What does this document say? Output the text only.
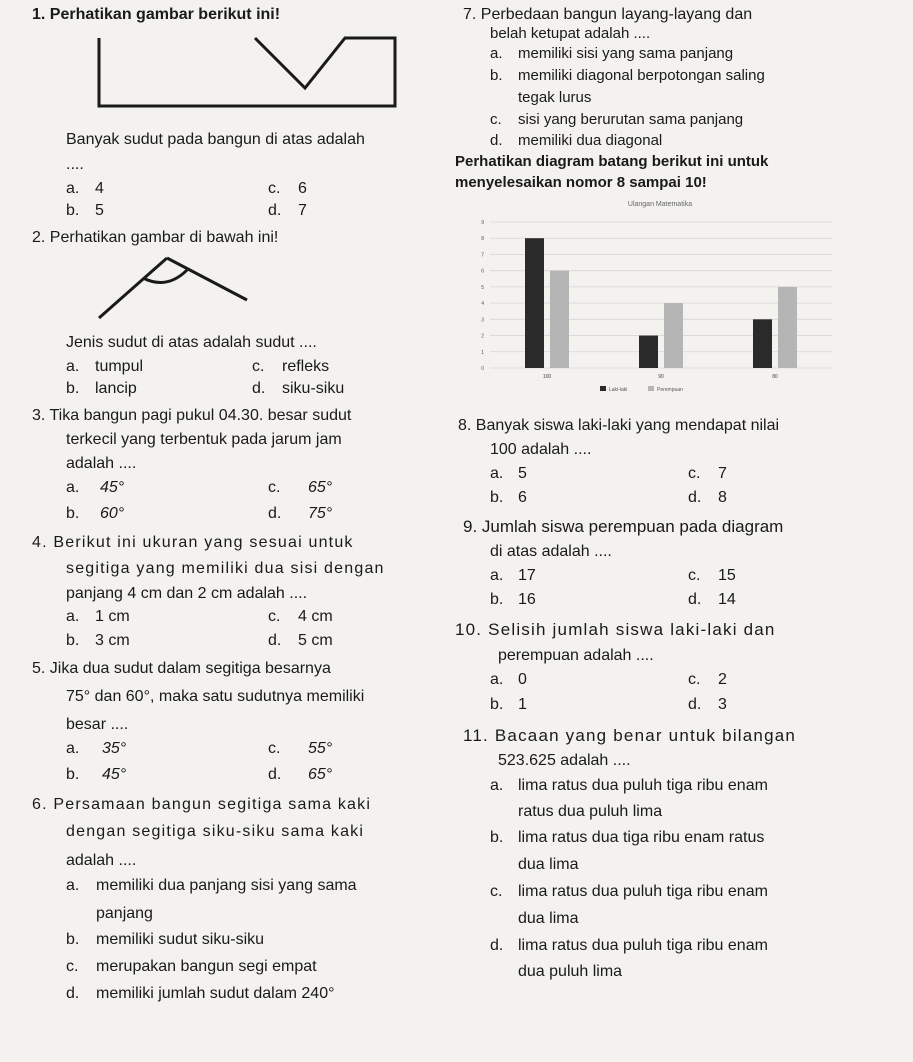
1. Perhatikan gambar berikut ini!
Banyak sudut pada bangun di atas adalah
....
a. 4	c. 6
b. 5	d. 7
2. Perhatikan gambar di bawah ini!
Jenis sudut di atas adalah sudut ....
a. tumpul	c. refleks
b. lancip	d. siku-siku
3. Tika bangun pagi pukul 04.30. besar sudut
terkecil yang terbentuk pada jarum jam
adalah ....
a. 45°	c. 65°
b. 60°	d. 75°
4. Berikut ini ukuran yang sesuai untuk
segitiga yang memiliki dua sisi dengan
panjang 4 cm dan 2 cm adalah ....
a. 1 cm	c. 4 cm
b. 3 cm	d. 5 cm
5. Jika dua sudut dalam segitiga besarnya
75° dan 60°, maka satu sudutnya memiliki
besar ....
a. 35°	c. 55°
b. 45°	d. 65°
6. Persamaan bangun segitiga sama kaki
dengan segitiga siku-siku sama kaki
adalah ....
a. memiliki dua panjang sisi yang sama
panjang
b. memiliki sudut siku-siku
c. merupakan bangun segi empat
d. memiliki jumlah sudut dalam 240°
7. Perbedaan bangun layang-layang dan
belah ketupat adalah ....
a. memiliki sisi yang sama panjang
b. memiliki diagonal berpotongan saling
tegak lurus
c. sisi yang berurutan sama panjang
d. memiliki dua diagonal
Perhatikan diagram batang berikut ini untuk
menyelesaikan nomor 8 sampai 10!
0
1
2
3
4
5
6
7
8
9
100	90	80
Ulangan Matematika
Laki-laki	Perempuan
8. Banyak siswa laki-laki yang mendapat nilai
100 adalah ....
a. 5	c. 7
b. 6	d. 8
9. Jumlah siswa perempuan pada diagram
di atas adalah ....
a. 17	c. 15
b. 16	d. 14
10. Selisih jumlah siswa laki-laki dan
perempuan adalah ....
a. 0	c. 2
b. 1	d. 3
11. Bacaan yang benar untuk bilangan
523.625 adalah ....
a. lima ratus dua puluh tiga ribu enam
ratus dua puluh lima
b. lima ratus dua tiga ribu enam ratus
dua lima
c. lima ratus dua puluh tiga ribu enam
dua lima
d. lima ratus dua puluh tiga ribu enam
dua puluh lima
